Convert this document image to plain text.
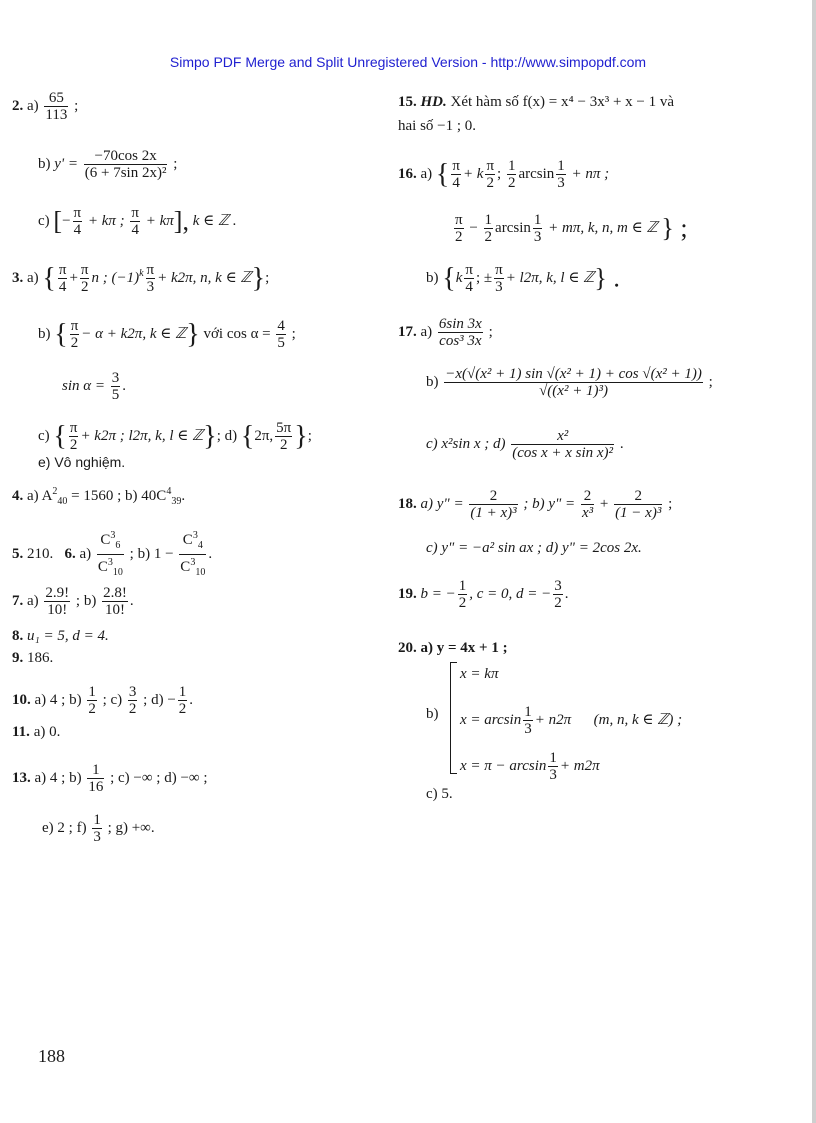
Simpo PDF Merge and Split Unregistered Version - http://www.simpopdf.com
2. $a) \frac{65}{113}$ ;
b) $y' = \frac{-70\cos 2x}{\text{(6 + 7sin 2x)²}}$ ;
c) [− $\frac{\pi}{4} + k\pi$ ; $\frac{\pi}{4} + k\pi$], k ∈ ℤ .
3. a) { $\frac{\pi}{4} + \frac{\pi}{2}$ n ; $(-1)^k \frac{\pi}{3} + k2\pi$, n, k ∈ ℤ};
b) { $\frac{\pi}{2} - \alpha + k2\pi$, k ∈ ℤ} với $\cos \alpha = \frac{4}{5}$ ;
$\sin \alpha = \frac{3}{5}$ .
c) { $\frac{\pi}{2} + k2\pi$ ; l2π, k, l ∈ ℤ}; d) {2π, $\frac{5\pi}{2}$ };
e) Vô nghiệm.
4. a) $A^2_{40} = 1560$ ; b) $40C^4_{39}$.
5. 210. 6. $a) \frac{C^3_6}{C^3_{10}}$ ; b) $1 - \frac{C^3_4}{C^3_{10}}$ .
7. $a) \frac{2.9!}{10!}$ ; $b) \frac{2.8!}{10!}$ .
8. u₁ = 5, d = 4.
9. 186.
10. a) 4 ; $b) \frac{1}{2}$ ; $c) \frac{3}{2}$ ; $d) - \frac{1}{2}$ .
11. a) 0.
13. a) 4 ; $b) \frac{1}{16}$ ; c) −∞ ; d) −∞ ;
e) 2 ; $f) \frac{1}{3}$ ; g) +∞.
15. HD. Xét hàm số f(x) = x⁴ − 3x³ + x − 1 và
hai số −1 ; 0.
16. a) { $\frac{\pi}{4} + k \frac{\pi}{2}$ ; $\frac{1}{2}$ $\arcsin \frac{1}{3} + n\pi$ ;
$\frac{\pi}{2} - \frac{1}{2}$ $\arcsin \frac{1}{3} + m\pi$, k, n, m ∈ ℤ } ;
b) {$k \frac{\pi}{4}$ ; ± $\frac{\pi}{3} + l2\pi$, k, l ∈ ℤ} .
17. $a) \frac{6\sin 3x}{\text{cos³ 3x}}$ ;
$b) \frac{\text{−x(√(x² + 1) sin √(x² + 1) + cos √(x² + 1))}}{\text{√((x² + 1)³)}}$ ;
c) x²sin x ; $d) \frac{\text{x²}}{\text{(cos x + x sin x)²}}$ .
18. a) y" = $\frac{2}{\text{(1 + x)³}}$ ; b) y" = $\frac{2}{\text{x³}} + \frac{2}{\text{(1 − x)³}}$ ;
c) y" = −a² sin ax ; d) y" = 2cos 2x.
19. b = − $\frac{1}{2}$ , c = 0, d = − $\frac{3}{2}$ .
20. a) y = 4x + 1 ;
b)
x = kπ
$x = \arcsin \frac{1}{3} + n2\pi$ (m, n, k ∈ ℤ) ;
$x = \pi - \arcsin \frac{1}{3} + m2\pi$
c) 5.
188
